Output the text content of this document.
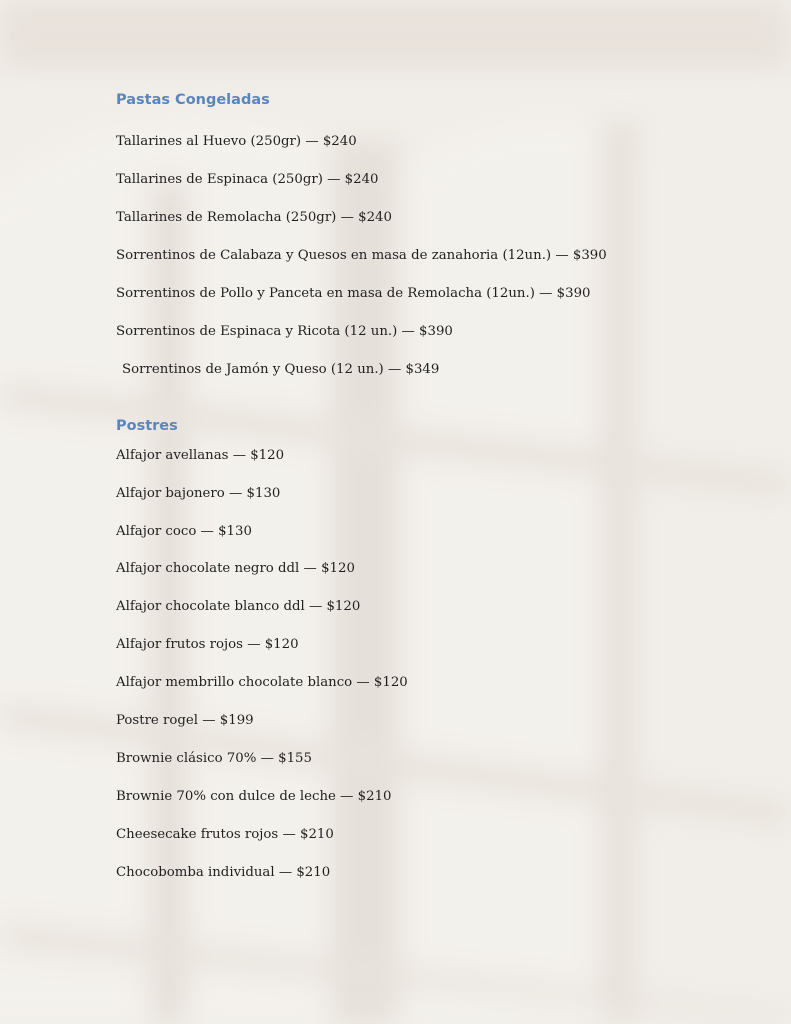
Pastas Congeladas

Tallarines al Huevo (250gr) — $240

Tallarines de Espinaca (250gr) — $240

Tallarines de Remolacha (250gr) — $240

Sorrentinos de Calabaza y Quesos en masa de zanahoria (12un.) — $390

Sorrentinos de Pollo y Panceta en masa de Remolacha (12un.) — $390

Sorrentinos de Espinaca y Ricota (12 un.) — $390

Sorrentinos de Jamón y Queso (12 un.) — $349

Postres

Alfajor avellanas — $120

Alfajor bajonero — $130

Alfajor coco — $130

Alfajor chocolate negro ddl — $120

Alfajor chocolate blanco ddl — $120

Alfajor frutos rojos — $120

Alfajor membrillo chocolate blanco — $120

Postre rogel — $199

Brownie clásico 70% — $155

Brownie 70% con dulce de leche — $210

Cheesecake frutos rojos — $210

Chocobomba individual — $210
